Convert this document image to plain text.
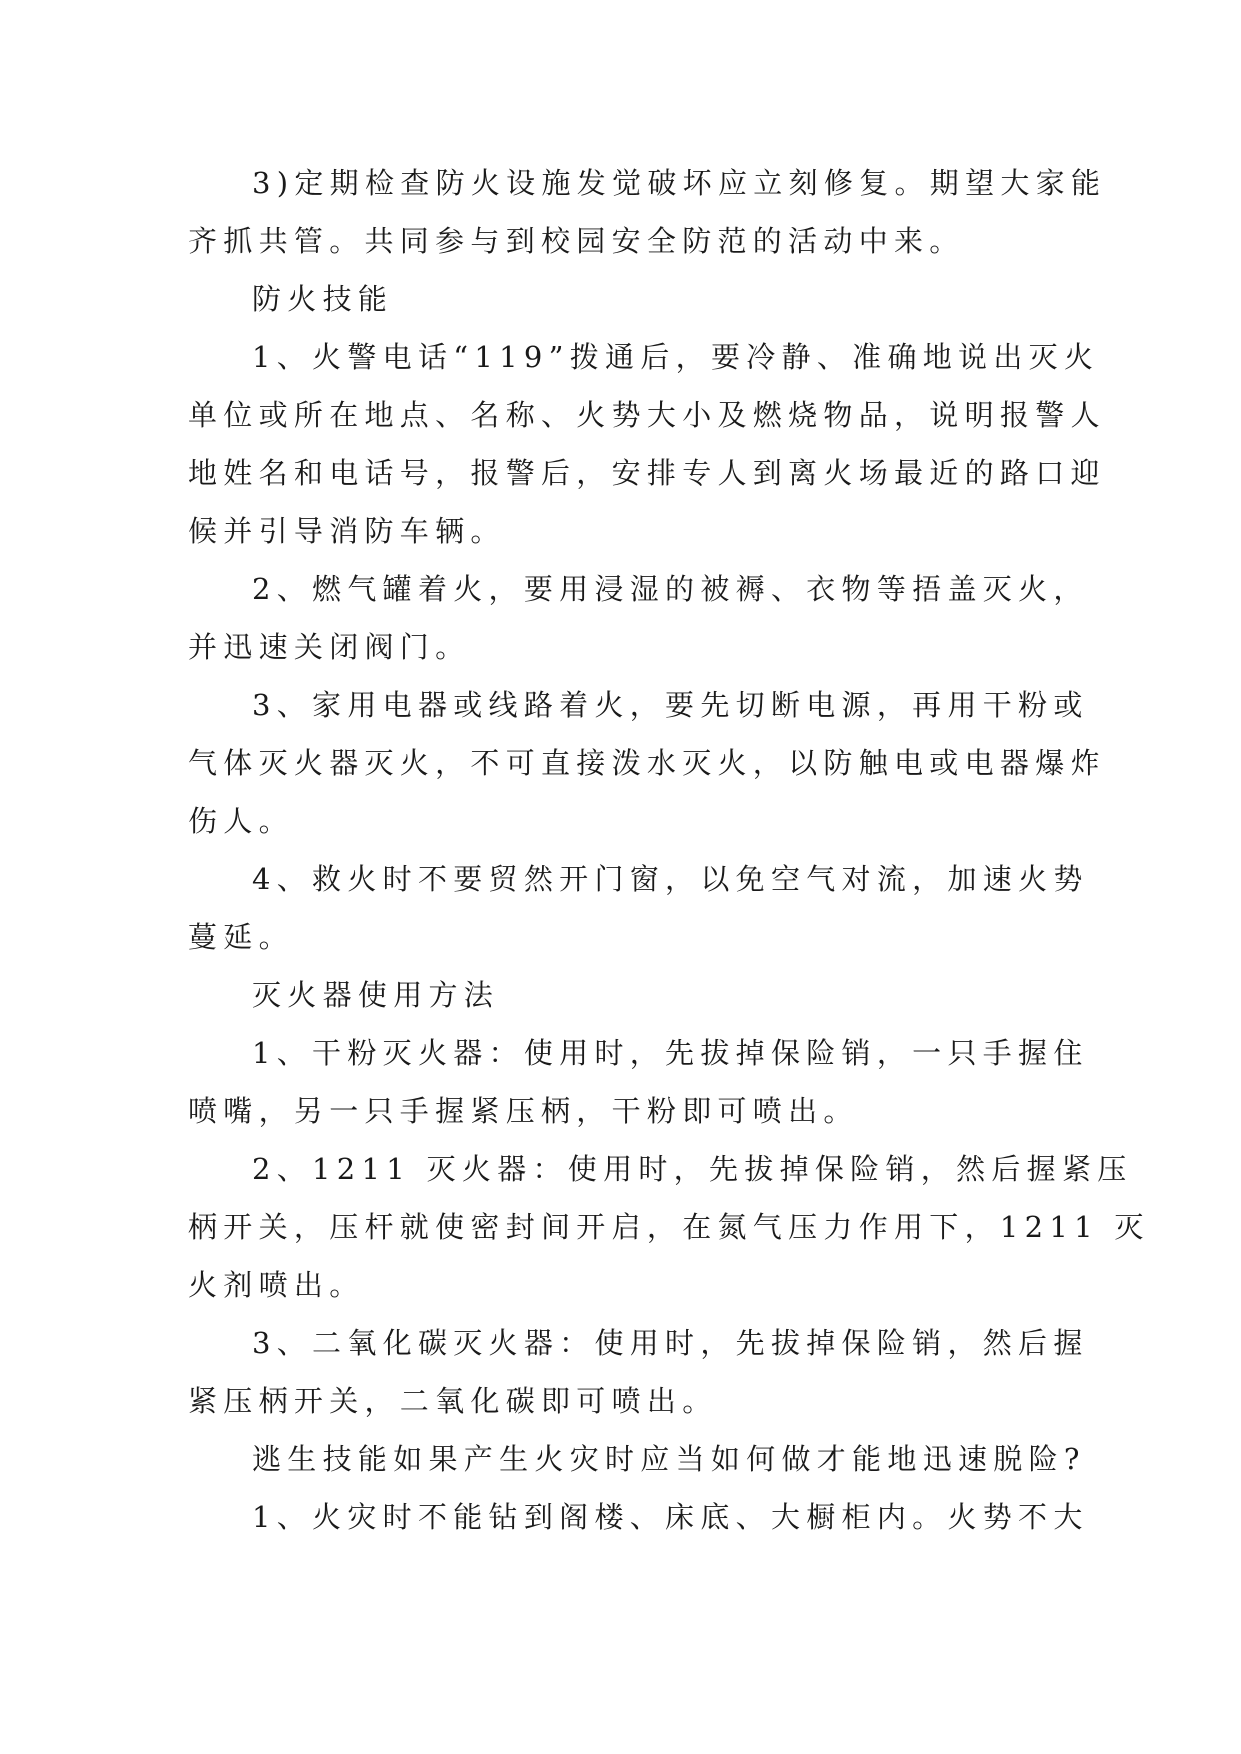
3)定期检查防火设施发觉破坏应立刻修复。期望大家能
齐抓共管。共同参与到校园安全防范的活动中来。
防火技能
1、火警电话“119”拨通后，要冷静、准确地说出灭火
单位或所在地点、名称、火势大小及燃烧物品，说明报警人
地姓名和电话号，报警后，安排专人到离火场最近的路口迎
候并引导消防车辆。
2、燃气罐着火，要用浸湿的被褥、衣物等捂盖灭火，
并迅速关闭阀门。
3、家用电器或线路着火，要先切断电源，再用干粉或
气体灭火器灭火，不可直接泼水灭火，以防触电或电器爆炸
伤人。
4、救火时不要贸然开门窗，以免空气对流，加速火势
蔓延。
灭火器使用方法
1、干粉灭火器：使用时，先拔掉保险销，一只手握住
喷嘴，另一只手握紧压柄，干粉即可喷出。
2、1211 灭火器：使用时，先拔掉保险销，然后握紧压
柄开关，压杆就使密封间开启，在氮气压力作用下，1211 灭
火剂喷出。
3、二氧化碳灭火器：使用时，先拔掉保险销，然后握
紧压柄开关，二氧化碳即可喷出。
逃生技能如果产生火灾时应当如何做才能地迅速脱险?
1、火灾时不能钻到阁楼、床底、大橱柜内。火势不大
